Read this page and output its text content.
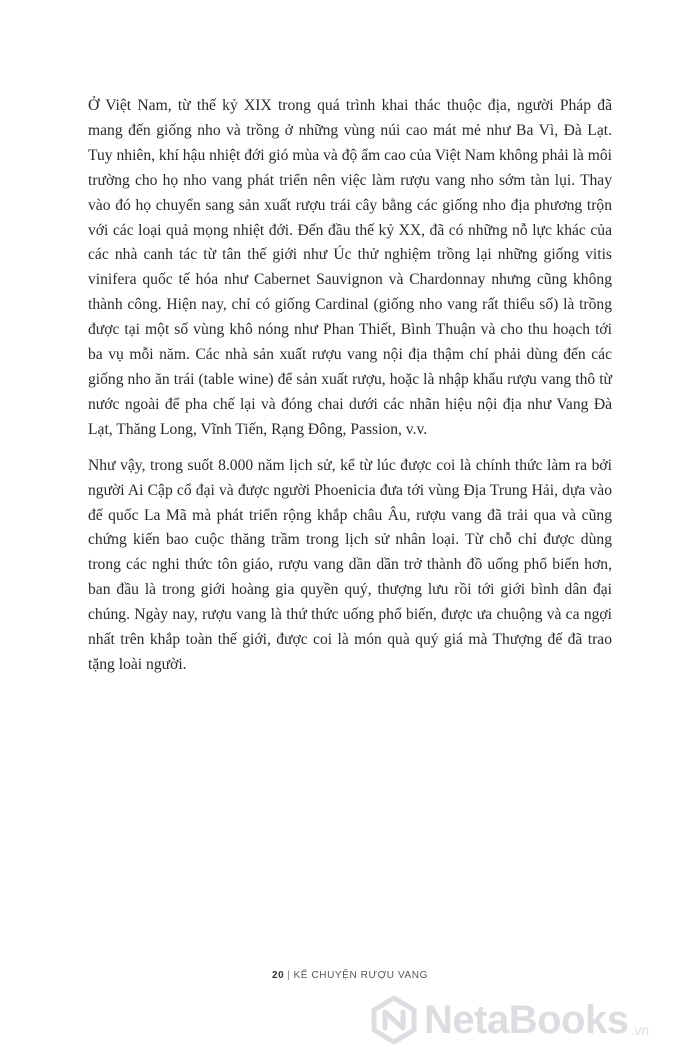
Ở Việt Nam, từ thế kỷ XIX trong quá trình khai thác thuộc địa, người Pháp đã mang đến giống nho và trồng ở những vùng núi cao mát mẻ như Ba Vì, Đà Lạt. Tuy nhiên, khí hậu nhiệt đới gió mùa và độ ẩm cao của Việt Nam không phải là môi trường cho họ nho vang phát triển nên việc làm rượu vang nho sớm tàn lụi. Thay vào đó họ chuyển sang sản xuất rượu trái cây bằng các giống nho địa phương trộn với các loại quả mọng nhiệt đới. Đến đầu thế kỷ XX, đã có những nỗ lực khác của các nhà canh tác từ tân thế giới như Úc thử nghiệm trồng lại những giống vitis vinifera quốc tế hóa như Cabernet Sauvignon và Chardonnay nhưng cũng không thành công. Hiện nay, chỉ có giống Cardinal (giống nho vang rất thiểu số) là trồng được tại một số vùng khô nóng như Phan Thiết, Bình Thuận và cho thu hoạch tới ba vụ mỗi năm. Các nhà sản xuất rượu vang nội địa thậm chí phải dùng đến các giống nho ăn trái (table wine) để sản xuất rượu, hoặc là nhập khẩu rượu vang thô từ nước ngoài để pha chế lại và đóng chai dưới các nhãn hiệu nội địa như Vang Đà Lạt, Thăng Long, Vĩnh Tiến, Rạng Đông, Passion, v.v.

Như vậy, trong suốt 8.000 năm lịch sử, kể từ lúc được coi là chính thức làm ra bởi người Ai Cập cổ đại và được người Phoenicia đưa tới vùng Địa Trung Hải, dựa vào đế quốc La Mã mà phát triển rộng khắp châu Âu, rượu vang đã trải qua và cũng chứng kiến bao cuộc thăng trầm trong lịch sử nhân loại. Từ chỗ chỉ được dùng trong các nghi thức tôn giáo, rượu vang dần dần trở thành đồ uống phổ biến hơn, ban đầu là trong giới hoàng gia quyền quý, thượng lưu rồi tới giới bình dân đại chúng. Ngày nay, rượu vang là thứ thức uống phổ biến, được ưa chuộng và ca ngợi nhất trên khắp toàn thế giới, được coi là món quà quý giá mà Thượng đế đã trao tặng loài người.

20 | KỂ CHUYỆN RƯỢU VANG
NetaBooks .vn
